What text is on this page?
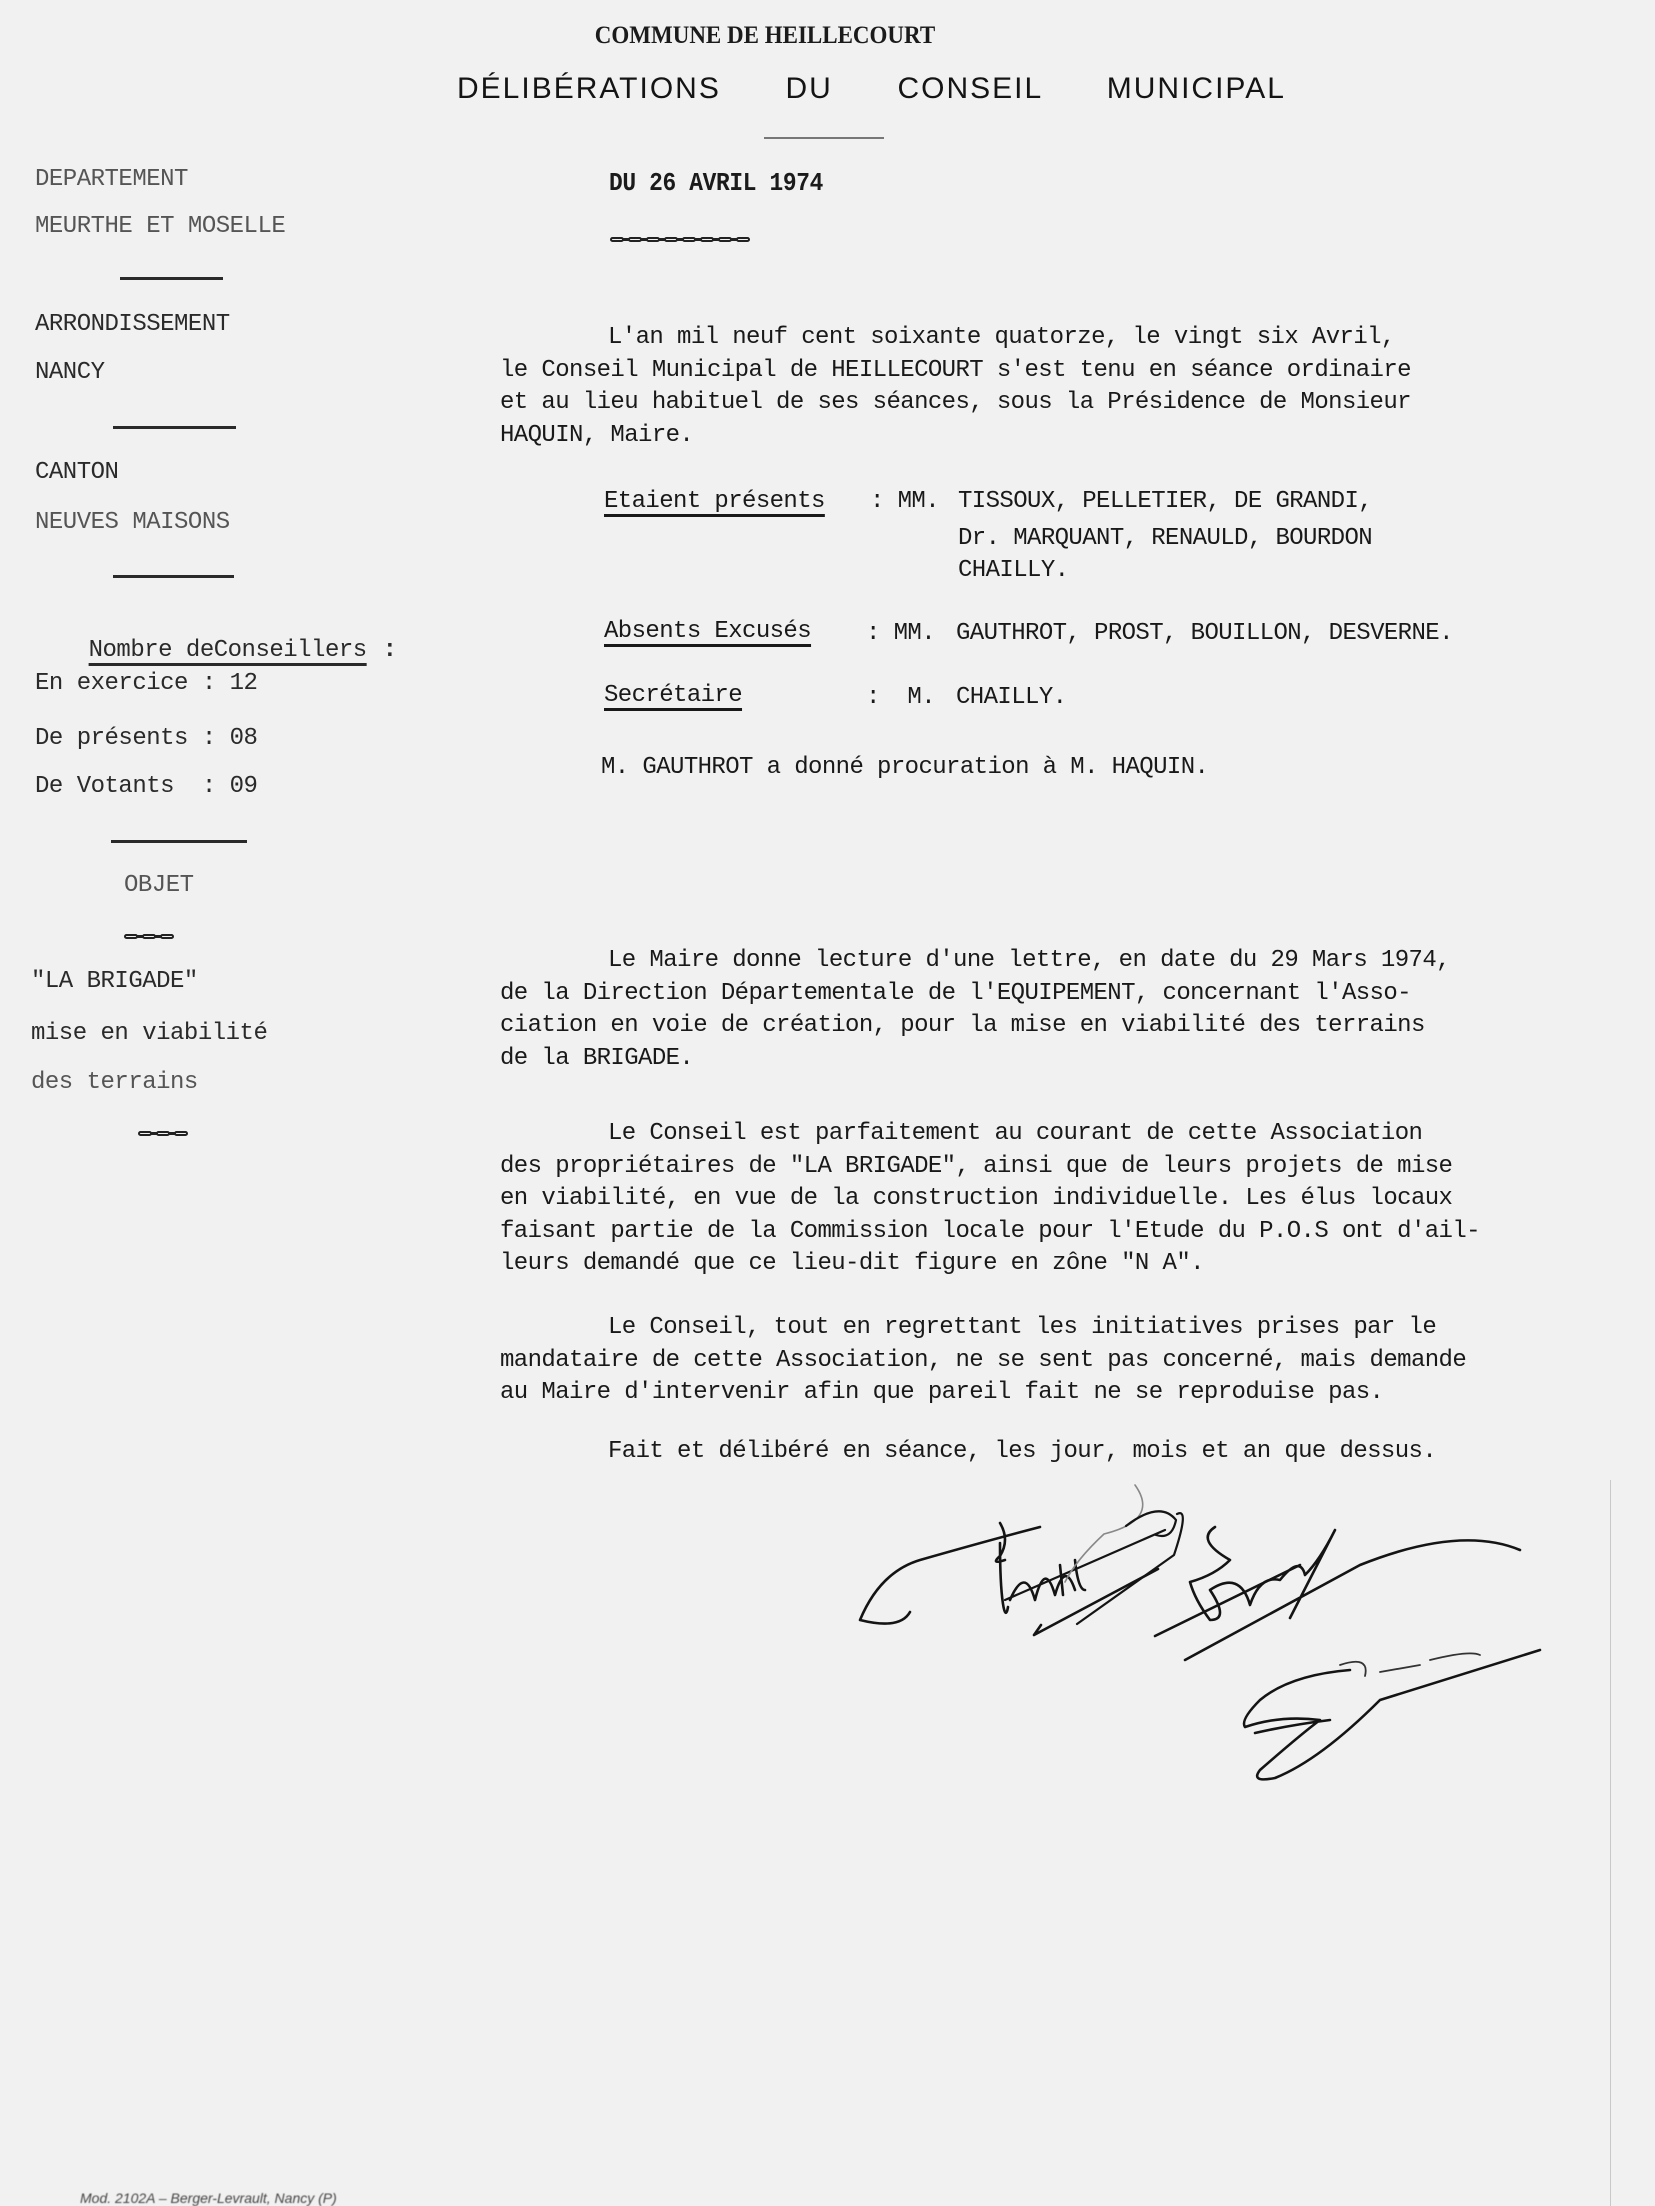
COMMUNE DE HEILLECOURT
DÉLIBÉRATIONS  DU  CONSEIL  MUNICIPAL
DU 26 AVRIL 1974
DEPARTEMENT
MEURTHE ET MOSELLE
ARRONDISSEMENT
NANCY
CANTON
NEUVES MAISONS

Nombre deConseillers :

En exercice : 12
De présents : 08
De Votants  : 09
OBJET
"LA BRIGADE"
mise en viabilité
des terrains
L'an mil neuf cent soixante quatorze, le vingt six Avril,
le Conseil Municipal de HEILLECOURT s'est tenu en séance ordinaire
et au lieu habituel de ses séances, sous la Présidence de Monsieur
HAQUIN, Maire.
Etaient présents : MM. TISSOUX, PELLETIER, DE GRANDI,
Dr. MARQUANT, RENAULD, BOURDON
CHAILLY.
Absents Excusés : MM. GAUTHROT, PROST, BOUILLON, DESVERNE.
Secrétaire	:  M. CHAILLY.
M. GAUTHROT a donné procuration à M. HAQUIN.
Le Maire donne lecture d'une lettre, en date du 29 Mars 1974,
de la Direction Départementale de l'EQUIPEMENT, concernant l'Asso-
ciation en voie de création, pour la mise en viabilité des terrains
de la BRIGADE.
Le Conseil est parfaitement au courant de cette Association
des propriétaires de "LA BRIGADE", ainsi que de leurs projets de mise
en viabilité, en vue de la construction individuelle. Les élus locaux
faisant partie de la Commission locale pour l'Etude du P.O.S ont d'ail-
leurs demandé que ce lieu-dit figure en zône "N A".
Le Conseil, tout en regrettant les initiatives prises par le
mandataire de cette Association, ne se sent pas concerné, mais demande
au Maire d'intervenir afin que pareil fait ne se reproduise pas.
Fait et délibéré en séance, les jour, mois et an que dessus.
Mod. 2102A – Berger-Levrault, Nancy (P)
